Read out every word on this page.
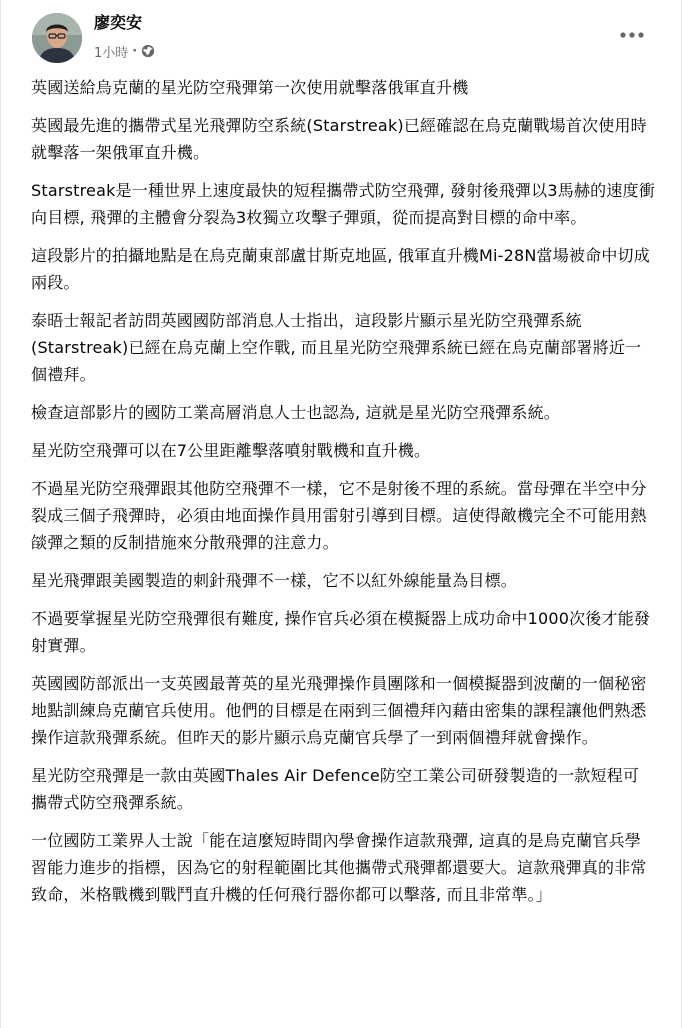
廖奕安
1小時 ·

英國送給烏克蘭的星光防空飛彈第一次使用就擊落俄軍直升機

英國最先進的攜帶式星光飛彈防空系統(Starstreak)已經確認在烏克蘭戰場首次使用時就擊落一架俄軍直升機。

Starstreak是一種世界上速度最快的短程攜帶式防空飛彈, 發射後飛彈以3馬赫的速度衝向目標, 飛彈的主體會分裂為3枚獨立攻擊子彈頭，從而提高對目標的命中率。

這段影片的拍攝地點是在烏克蘭東部盧甘斯克地區, 俄軍直升機Mi-28N當場被命中切成兩段。

泰晤士報記者訪問英國國防部消息人士指出，這段影片顯示星光防空飛彈系統(Starstreak)已經在烏克蘭上空作戰, 而且星光防空飛彈系統已經在烏克蘭部署將近一個禮拜。

檢查這部影片的國防工業高層消息人士也認為, 這就是星光防空飛彈系統。

星光防空飛彈可以在7公里距離擊落噴射戰機和直升機。

不過星光防空飛彈跟其他防空飛彈不一樣，它不是射後不理的系統。當母彈在半空中分裂成三個子飛彈時，必須由地面操作員用雷射引導到目標。這使得敵機完全不可能用熱燄彈之類的反制措施來分散飛彈的注意力。

星光飛彈跟美國製造的刺針飛彈不一樣，它不以紅外線能量為目標。

不過要掌握星光防空飛彈很有難度, 操作官兵必須在模擬器上成功命中1000次後才能發射實彈。

英國國防部派出一支英國最菁英的星光飛彈操作員團隊和一個模擬器到波蘭的一個秘密地點訓練烏克蘭官兵使用。他們的目標是在兩到三個禮拜內藉由密集的課程讓他們熟悉操作這款飛彈系統。但昨天的影片顯示烏克蘭官兵學了一到兩個禮拜就會操作。

星光防空飛彈是一款由英國Thales Air Defence防空工業公司研發製造的一款短程可攜帶式防空飛彈系統。

一位國防工業界人士說「能在這麼短時間內學會操作這款飛彈, 這真的是烏克蘭官兵學習能力進步的指標，因為它的射程範圍比其他攜帶式飛彈都還要大。這款飛彈真的非常致命，米格戰機到戰鬥直升機的任何飛行器你都可以擊落, 而且非常準。」
